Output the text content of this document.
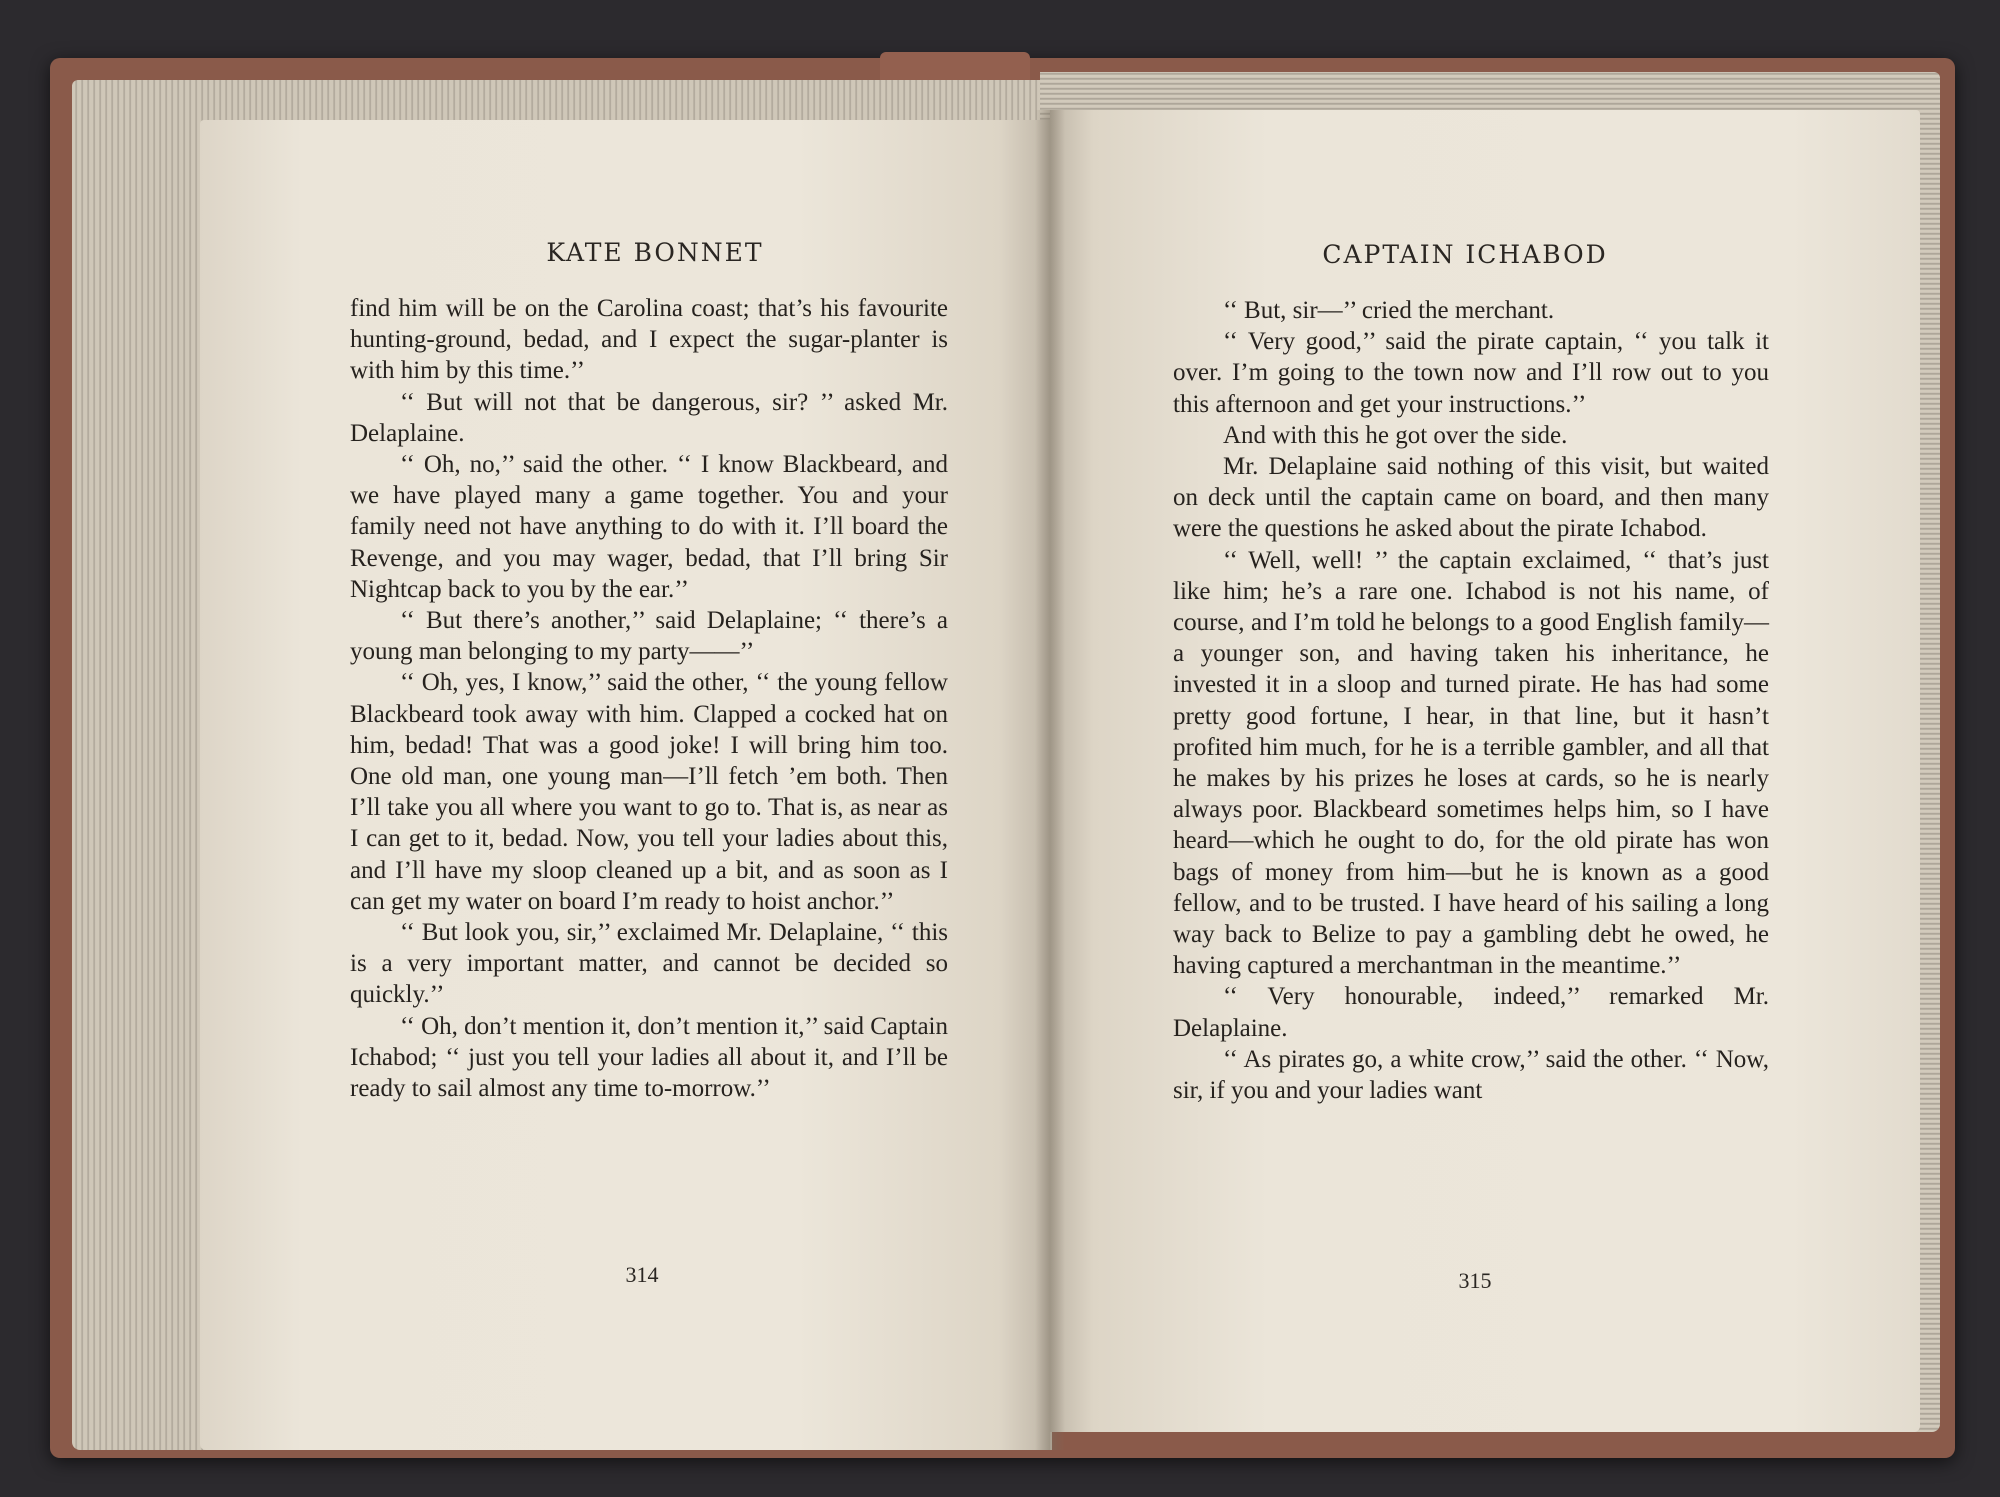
KATE BONNET

find him will be on the Carolina coast; that’s his favourite hunting-ground, bedad, and I expect the sugar-planter is with him by this time.’’

‘‘ But will not that be dangerous, sir? ’’ asked Mr. Delaplaine.

‘‘ Oh, no,’’ said the other. ‘‘ I know Blackbeard, and we have played many a game together. You and your family need not have anything to do with it. I’ll board the Revenge, and you may wager, bedad, that I’ll bring Sir Nightcap back to you by the ear.’’

‘‘ But there’s another,’’ said Delaplaine; ‘‘ there’s a young man belonging to my party——’’

‘‘ Oh, yes, I know,’’ said the other, ‘‘ the young fellow Blackbeard took away with him. Clapped a cocked hat on him, bedad! That was a good joke! I will bring him too. One old man, one young man—I’ll fetch ’em both. Then I’ll take you all where you want to go to. That is, as near as I can get to it, bedad. Now, you tell your ladies about this, and I’ll have my sloop cleaned up a bit, and as soon as I can get my water on board I’m ready to hoist anchor.’’

‘‘ But look you, sir,’’ exclaimed Mr. Delaplaine, ‘‘ this is a very important matter, and cannot be decided so quickly.’’

‘‘ Oh, don’t mention it, don’t mention it,’’ said Captain Ichabod; ‘‘ just you tell your ladies all about it, and I’ll be ready to sail almost any time to-morrow.’’

314
CAPTAIN ICHABOD

‘‘ But, sir—’’ cried the merchant.

‘‘ Very good,’’ said the pirate captain, ‘‘ you talk it over. I’m going to the town now and I’ll row out to you this afternoon and get your instructions.’’

And with this he got over the side.

Mr. Delaplaine said nothing of this visit, but waited on deck until the captain came on board, and then many were the questions he asked about the pirate Ichabod.

‘‘ Well, well! ’’ the captain exclaimed, ‘‘ that’s just like him; he’s a rare one. Ichabod is not his name, of course, and I’m told he belongs to a good English family—a younger son, and having taken his inheritance, he invested it in a sloop and turned pirate. He has had some pretty good fortune, I hear, in that line, but it hasn’t profited him much, for he is a terrible gambler, and all that he makes by his prizes he loses at cards, so he is nearly always poor. Blackbeard sometimes helps him, so I have heard—which he ought to do, for the old pirate has won bags of money from him—but he is known as a good fellow, and to be trusted. I have heard of his sailing a long way back to Belize to pay a gambling debt he owed, he having captured a merchantman in the meantime.’’

‘‘ Very honourable, indeed,’’ remarked Mr. Delaplaine.

‘‘ As pirates go, a white crow,’’ said the other. ‘‘ Now, sir, if you and your ladies want

315
